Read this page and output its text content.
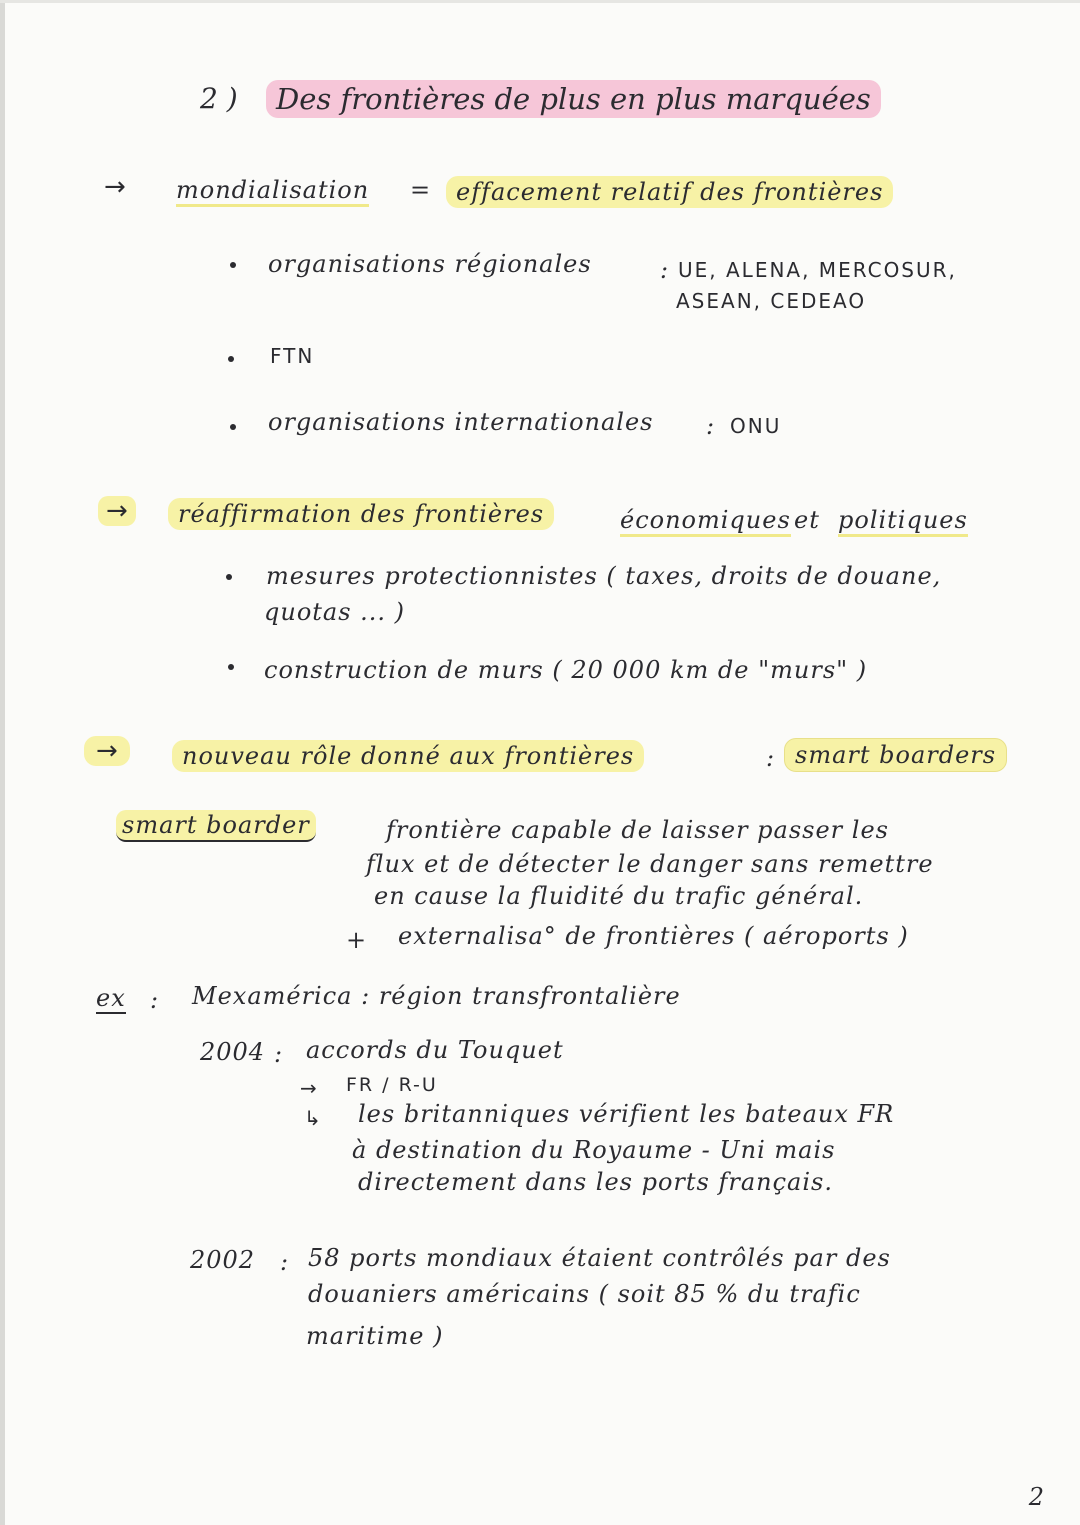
2 )	Des frontières de plus en plus marquées
→ mondialisation =	effacement relatif des frontières
organisations régionales	: UE, ALENA, MERCOSUR,
ASEAN, CEDEAO
FTN
organisations internationales : ONU
→	réaffirmation des frontières	économiques et politiques
mesures protectionnistes ( taxes, droits de douane,
quotas ... )
construction de murs ( 20 000 km de "murs" )
→	nouveau rôle donné aux frontières	: smart boarders
smart boarder	frontière capable de laisser passer les
flux et de détecter le danger sans remettre
en cause la fluidité du trafic général.
+ externalisa° de frontières ( aéroports )
ex : Mexamérica : région transfrontalière
2004 : accords du Touquet
→ FR / R-U
↳ les britanniques vérifient les bateaux FR
à destination du Royaume - Uni mais
directement dans les ports français.
2002 : 58 ports mondiaux étaient contrôlés par des
douaniers américains ( soit 85 % du trafic
maritime )
2
